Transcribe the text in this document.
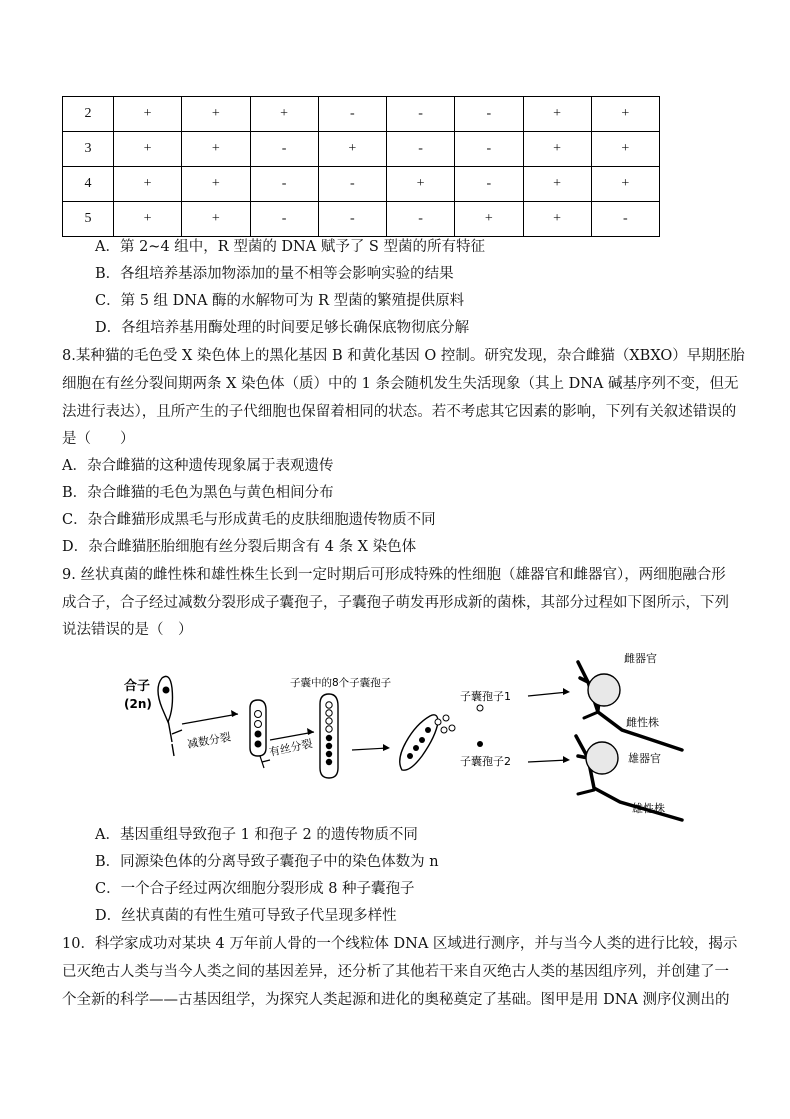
2	+	+	+	-	-	-	+	+
3	+	+	-	+	-	-	+	+
4	+	+	-	-	+	-	+	+
5	+	+	-	-	-	+	+	-
A．第 2~4 组中，R 型菌的 DNA 赋予了 S 型菌的所有特征
B．各组培养基添加物添加的量不相等会影响实验的结果
C．第 5 组 DNA 酶的水解物可为 R 型菌的繁殖提供原料
D．各组培养基用酶处理的时间要足够长确保底物彻底分解
8.某种猫的毛色受 X 染色体上的黑化基因 B 和黄化基因 O 控制。研究发现，杂合雌猫（XBXO）早期胚胎
细胞在有丝分裂间期两条 X 染色体（质）中的 1 条会随机发生失活现象（其上 DNA 碱基序列不变，但无
法进行表达），且所产生的子代细胞也保留着相同的状态。若不考虑其它因素的影响，下列有关叙述错误的
是（　　）
A．杂合雌猫的这种遗传现象属于表观遗传
B．杂合雌猫的毛色为黑色与黄色相间分布
C．杂合雌猫形成黑毛与形成黄毛的皮肤细胞遗传物质不同
D．杂合雌猫胚胎细胞有丝分裂后期含有 4 条 X 染色体
9. 丝状真菌的雌性株和雄性株生长到一定时期后可形成特殊的性细胞（雄器官和雌器官），两细胞融合形
成合子，合子经过减数分裂形成子囊孢子，子囊孢子萌发再形成新的菌株，其部分过程如下图所示，下列
说法错误的是（　）
合子
(2n)
减数分裂	有丝分裂
子囊中的8个子囊孢子
子囊孢子1
子囊孢子2
雌器官
雌性株
雄器官
雄性株
A．基因重组导致孢子 1 和孢子 2 的遗传物质不同
B．同源染色体的分离导致子囊孢子中的染色体数为 n
C．一个合子经过两次细胞分裂形成 8 种子囊孢子
D．丝状真菌的有性生殖可导致子代呈现多样性
10．科学家成功对某块 4 万年前人骨的一个线粒体 DNA 区域进行测序，并与当今人类的进行比较，揭示
已灭绝古人类与当今人类之间的基因差异，还分析了其他若干来自灭绝古人类的基因组序列，并创建了一
个全新的科学——古基因组学，为探究人类起源和进化的奥秘奠定了基础。图甲是用 DNA 测序仪测出的
